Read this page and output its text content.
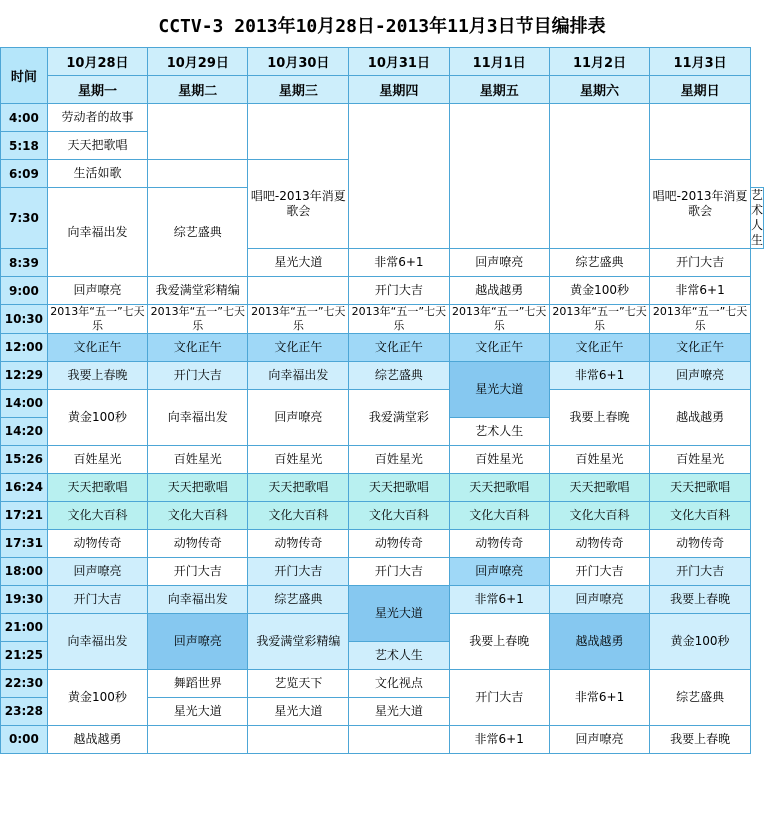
CCTV-3 2013年10月28日-2013年11月3日节目编排表
时间	10月28日	10月29日	10月30日	10月31日	11月1日	11月2日	11月3日	
	星期一	星期二	星期三	星期四	星期五	星期六	星期日	
4:00	劳动者的故事							
5:18	天天把歌唱							
6:09	生活如歌		唱吧-2013年消夏歌会				唱吧-2013年消夏歌会	
7:30	向幸福出发	综艺盛典						艺术人生
8:39			星光大道	非常6+1	回声嘹亮	综艺盛典	开门大吉	
9:00	回声嘹亮	我爱满堂彩精编		开门大吉	越战越勇	黄金100秒	非常6+1	
10:30	2013年“五一”七天乐	2013年“五一”七天乐	2013年“五一”七天乐	2013年“五一”七天乐	2013年“五一”七天乐	2013年“五一”七天乐	2013年“五一”七天乐	
12:00	文化正午	文化正午	文化正午	文化正午	文化正午	文化正午	文化正午	
12:29	我要上春晚	开门大吉	向幸福出发	综艺盛典	星光大道	非常6+1	回声嘹亮	
14:00	黄金100秒	向幸福出发	回声嘹亮	我爱满堂彩		我要上春晚	越战越勇	
14:20					艺术人生			
15:26	百姓星光	百姓星光	百姓星光	百姓星光	百姓星光	百姓星光	百姓星光	
16:24	天天把歌唱	天天把歌唱	天天把歌唱	天天把歌唱	天天把歌唱	天天把歌唱	天天把歌唱	
17:21	文化大百科	文化大百科	文化大百科	文化大百科	文化大百科	文化大百科	文化大百科	
17:31	动物传奇	动物传奇	动物传奇	动物传奇	动物传奇	动物传奇	动物传奇	
18:00	回声嘹亮	开门大吉	开门大吉	开门大吉	回声嘹亮	开门大吉	开门大吉	
19:30	开门大吉	向幸福出发	综艺盛典	星光大道	非常6+1	回声嘹亮	我要上春晚	
21:00	向幸福出发	回声嘹亮	我爱满堂彩精编		我要上春晚	越战越勇	黄金100秒	
21:25				艺术人生				
22:30	黄金100秒	舞蹈世界	艺览天下	文化视点	开门大吉	非常6+1	综艺盛典	
23:28		星光大道	星光大道	星光大道				
0:00	越战越勇				非常6+1	回声嘹亮	我要上春晚	
